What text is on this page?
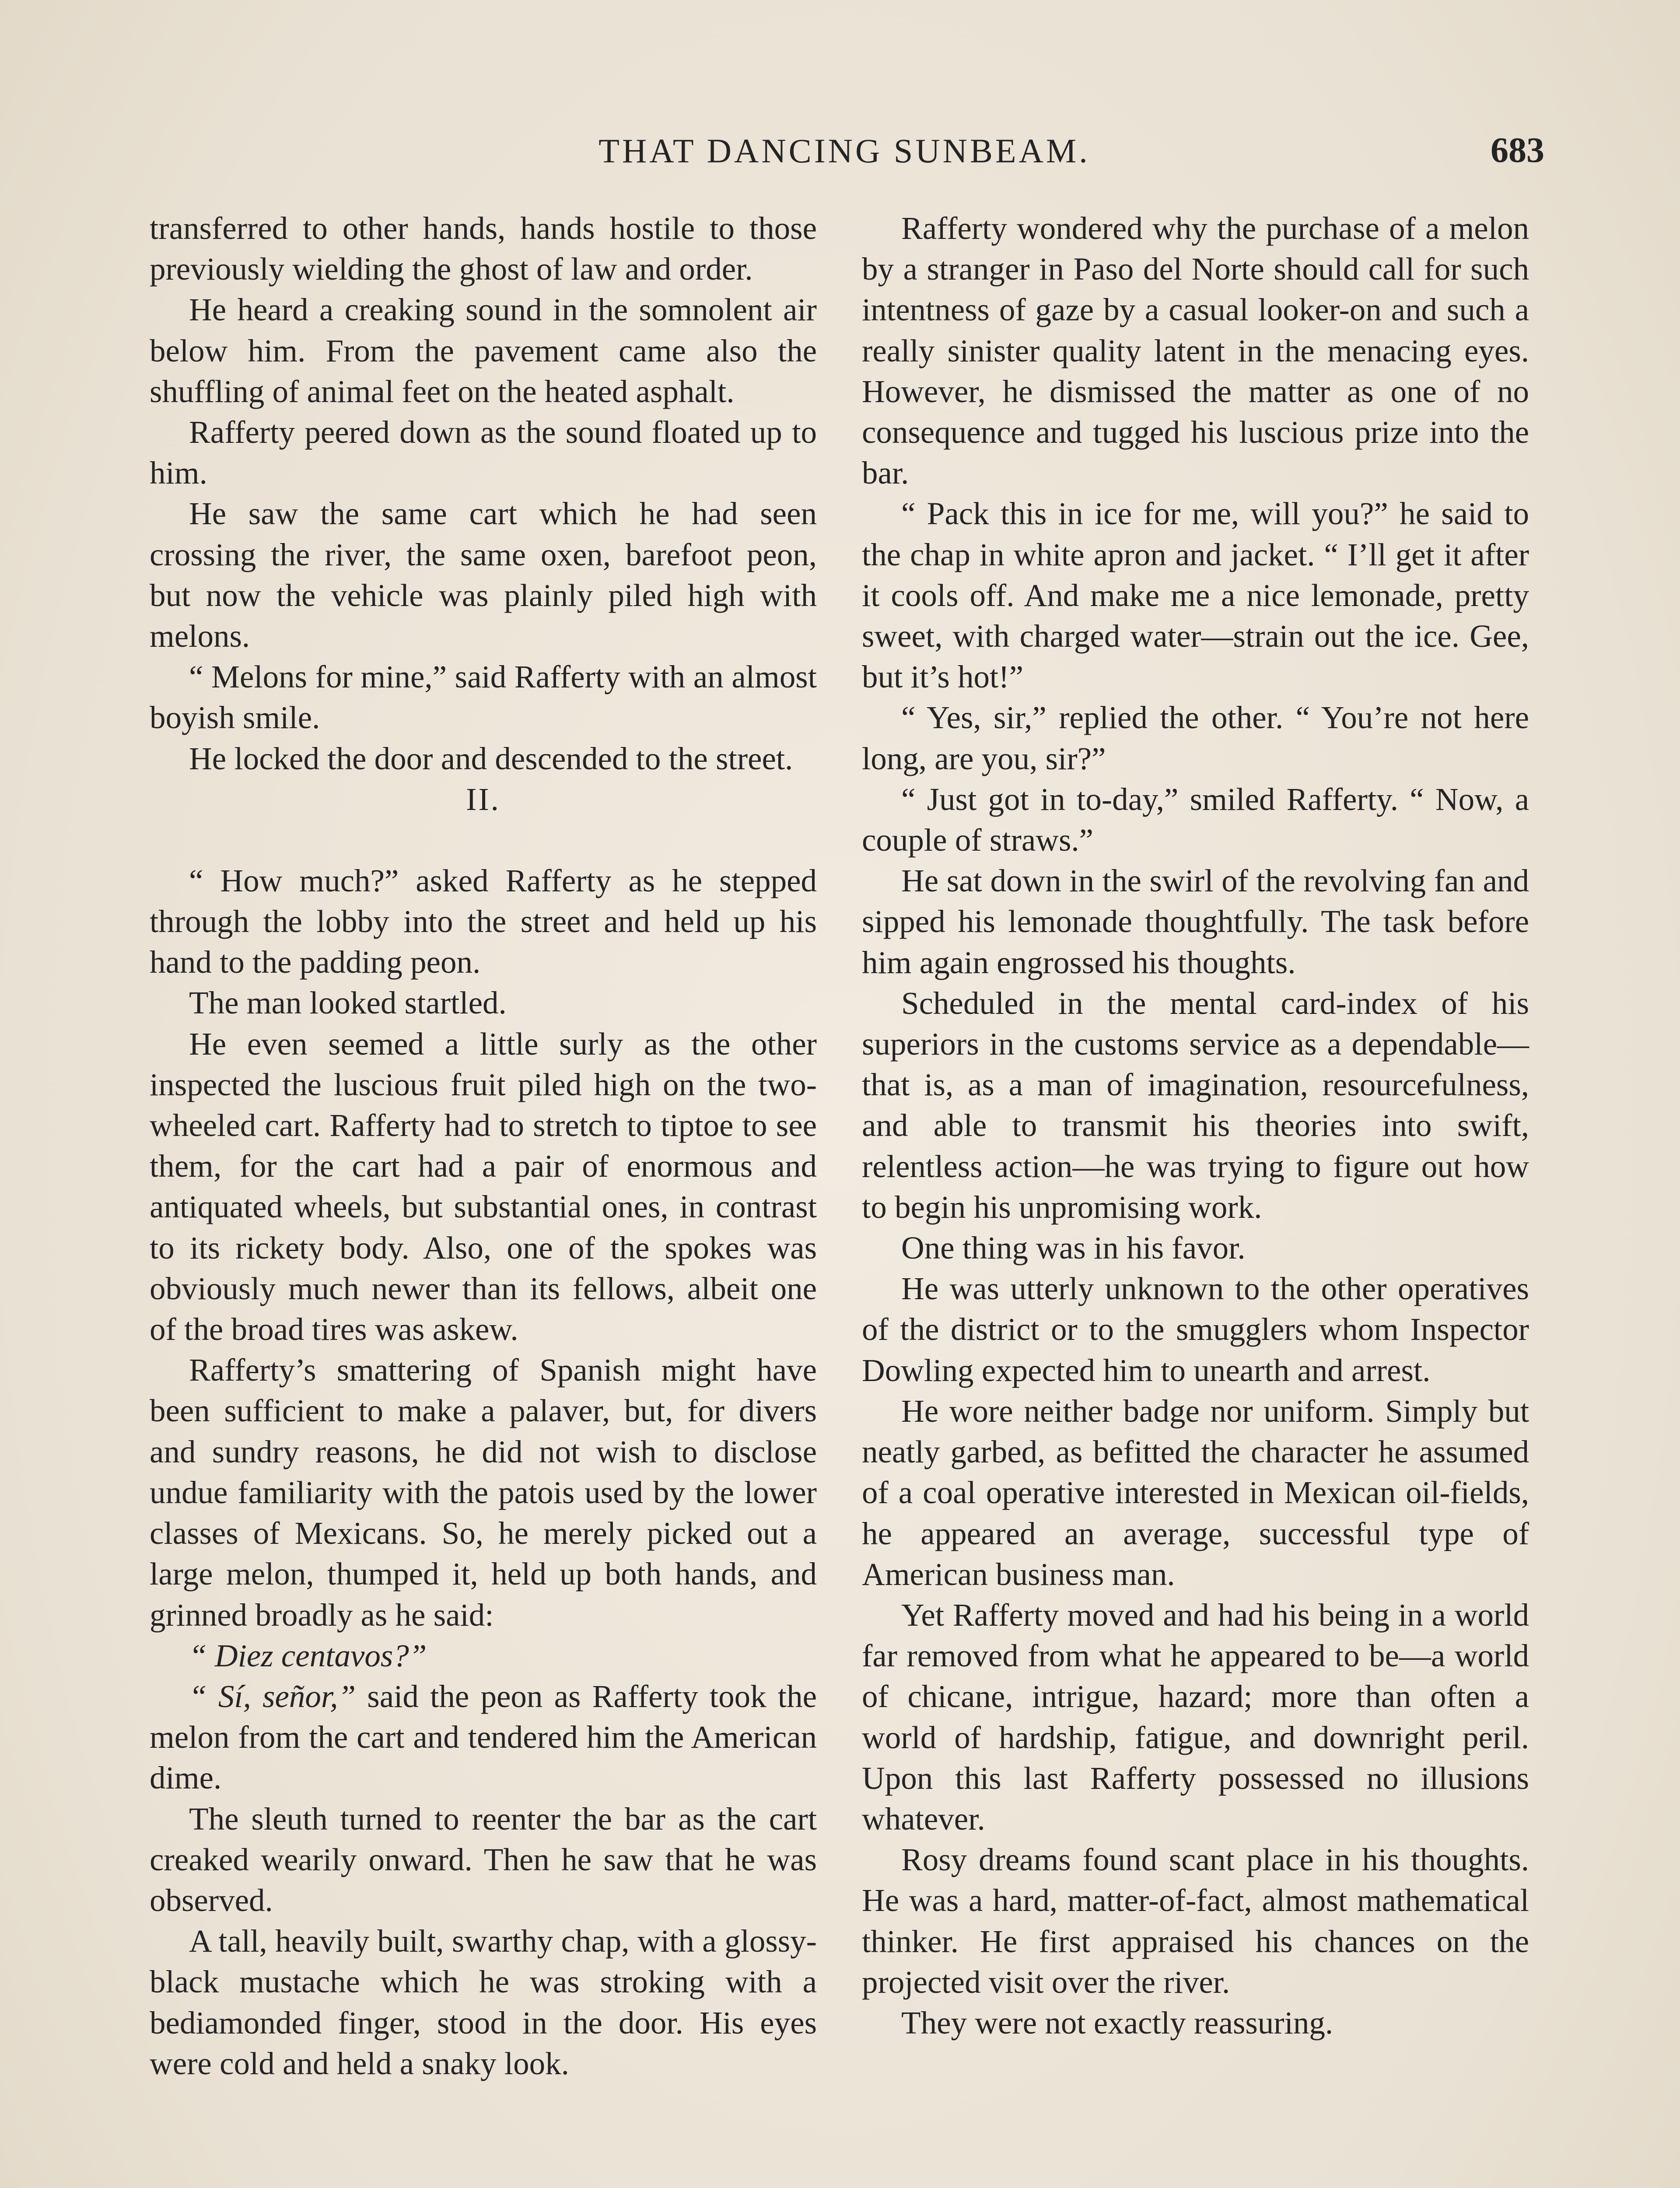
THAT DANCING SUNBEAM.	683

transferred to other hands, hands hostile to those previously wielding the ghost of law and order.

He heard a creaking sound in the somnolent air below him. From the pavement came also the shuffling of animal feet on the heated asphalt.

Rafferty peered down as the sound floated up to him.

He saw the same cart which he had seen crossing the river, the same oxen, barefoot peon, but now the vehicle was plainly piled high with melons.

“ Melons for mine,” said Rafferty with an almost boyish smile.

He locked the door and descended to the street.

II.

“ How much?” asked Rafferty as he stepped through the lobby into the street and held up his hand to the padding peon.

The man looked startled.

He even seemed a little surly as the other inspected the luscious fruit piled high on the two-wheeled cart. Rafferty had to stretch to tiptoe to see them, for the cart had a pair of enormous and antiquated wheels, but substantial ones, in contrast to its rickety body. Also, one of the spokes was obviously much newer than its fellows, albeit one of the broad tires was askew.

Rafferty’s smattering of Spanish might have been sufficient to make a palaver, but, for divers and sundry reasons, he did not wish to disclose undue familiarity with the patois used by the lower classes of Mexicans. So, he merely picked out a large melon, thumped it, held up both hands, and grinned broadly as he said:

“ Diez centavos?”

“ Sí, señor,” said the peon as Rafferty took the melon from the cart and tendered him the American dime.

The sleuth turned to reenter the bar as the cart creaked wearily onward. Then he saw that he was observed.

A tall, heavily built, swarthy chap, with a glossy-black mustache which he was stroking with a bediamonded finger, stood in the door. His eyes were cold and held a snaky look.

Rafferty wondered why the purchase of a melon by a stranger in Paso del Norte should call for such intentness of gaze by a casual looker-on and such a really sinister quality latent in the menacing eyes. However, he dismissed the matter as one of no consequence and tugged his luscious prize into the bar.

“ Pack this in ice for me, will you?” he said to the chap in white apron and jacket. “ I’ll get it after it cools off. And make me a nice lemonade, pretty sweet, with charged water—strain out the ice. Gee, but it’s hot!”

“ Yes, sir,” replied the other. “ You’re not here long, are you, sir?”

“ Just got in to-day,” smiled Rafferty. “ Now, a couple of straws.”

He sat down in the swirl of the revolving fan and sipped his lemonade thoughtfully. The task before him again engrossed his thoughts.

Scheduled in the mental card-index of his superiors in the customs service as a dependable—that is, as a man of imagination, resourcefulness, and able to transmit his theories into swift, relentless action—he was trying to figure out how to begin his unpromising work.

One thing was in his favor.

He was utterly unknown to the other operatives of the district or to the smugglers whom Inspector Dowling expected him to unearth and arrest.

He wore neither badge nor uniform. Simply but neatly garbed, as befitted the character he assumed of a coal operative interested in Mexican oil-fields, he appeared an average, successful type of American business man.

Yet Rafferty moved and had his being in a world far removed from what he appeared to be—a world of chicane, intrigue, hazard; more than often a world of hardship, fatigue, and downright peril. Upon this last Rafferty possessed no illusions whatever.

Rosy dreams found scant place in his thoughts. He was a hard, matter-of-fact, almost mathematical thinker. He first appraised his chances on the projected visit over the river.

They were not exactly reassuring.
